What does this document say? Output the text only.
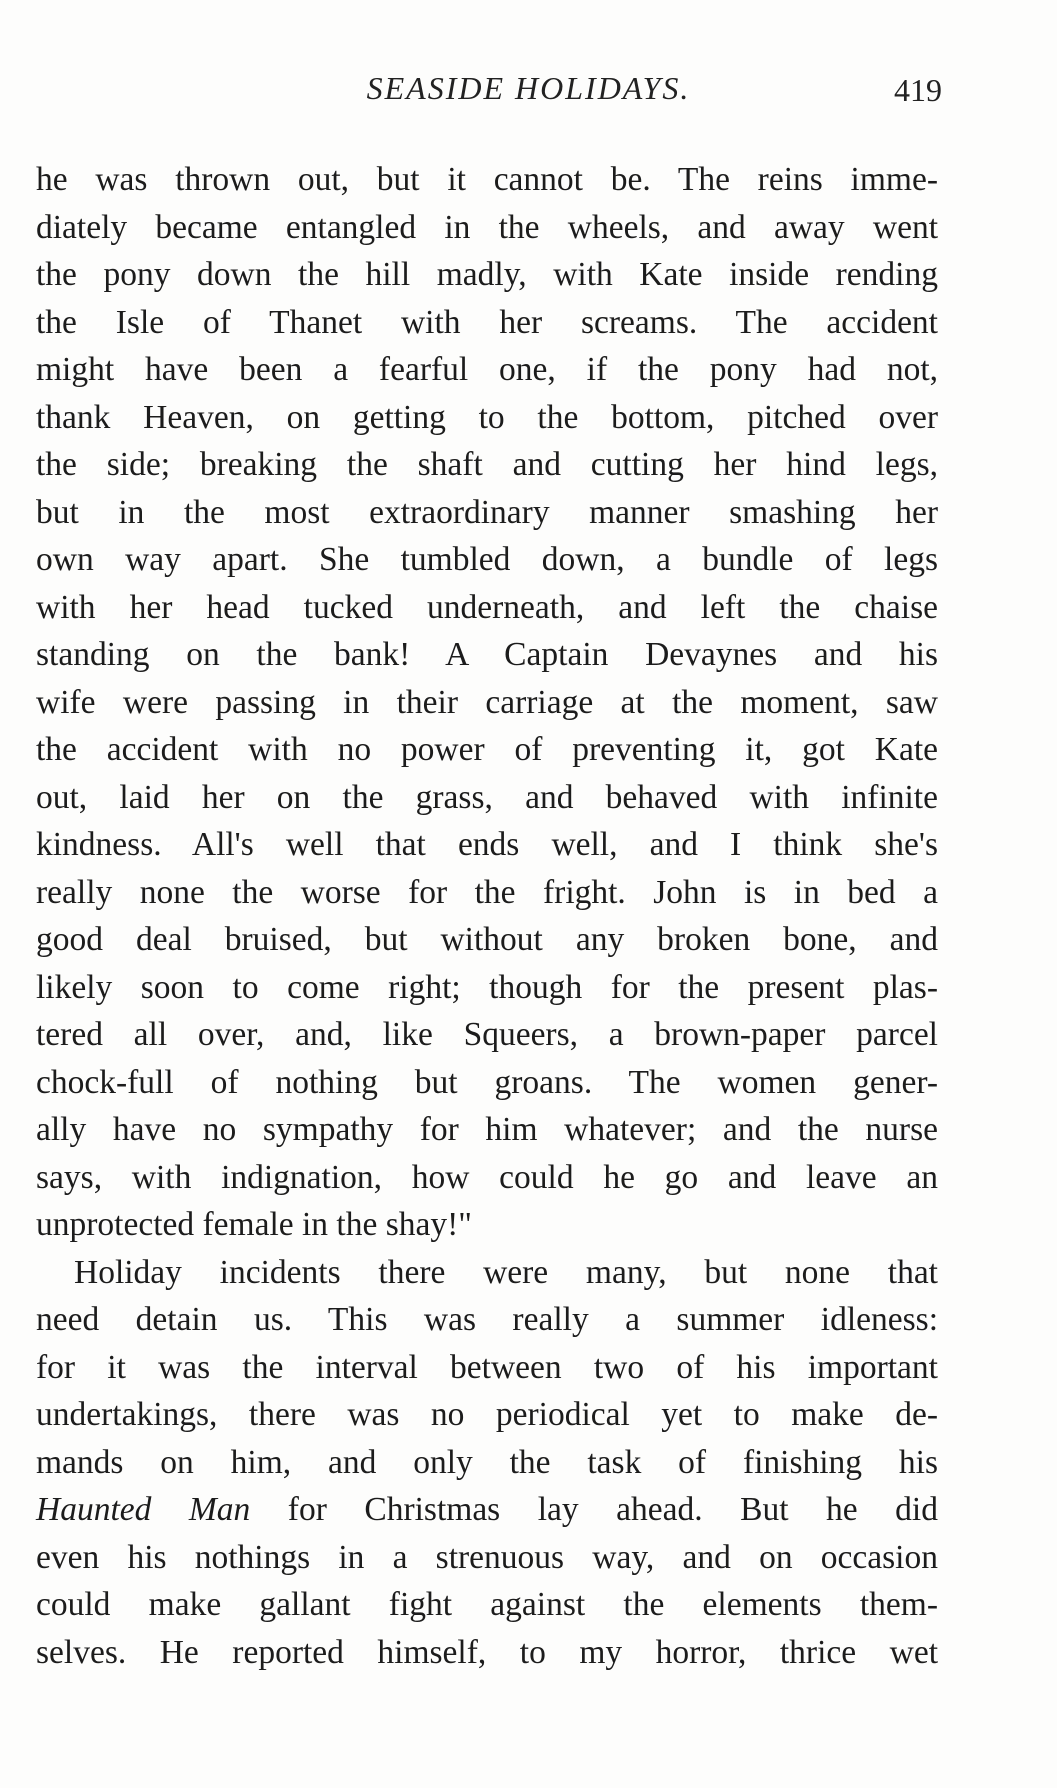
SEASIDE HOLIDAYS.	419
he was thrown out, but it cannot be. The reins imme-
diately became entangled in the wheels, and away went
the pony down the hill madly, with Kate inside rending
the Isle of Thanet with her screams. The accident
might have been a fearful one, if the pony had not,
thank Heaven, on getting to the bottom, pitched over
the side; breaking the shaft and cutting her hind legs,
but in the most extraordinary manner smashing her
own way apart. She tumbled down, a bundle of legs
with her head tucked underneath, and left the chaise
standing on the bank! A Captain Devaynes and his
wife were passing in their carriage at the moment, saw
the accident with no power of preventing it, got Kate
out, laid her on the grass, and behaved with infinite
kindness. All's well that ends well, and I think she's
really none the worse for the fright. John is in bed a
good deal bruised, but without any broken bone, and
likely soon to come right; though for the present plas-
tered all over, and, like Squeers, a brown-paper parcel
chock-full of nothing but groans. The women gener-
ally have no sympathy for him whatever; and the nurse
says, with indignation, how could he go and leave an
unprotected female in the shay!"
Holiday incidents there were many, but none that
need detain us. This was really a summer idleness:
for it was the interval between two of his important
undertakings, there was no periodical yet to make de-
mands on him, and only the task of finishing his
Haunted Man for Christmas lay ahead. But he did
even his nothings in a strenuous way, and on occasion
could make gallant fight against the elements them-
selves. He reported himself, to my horror, thrice wet
